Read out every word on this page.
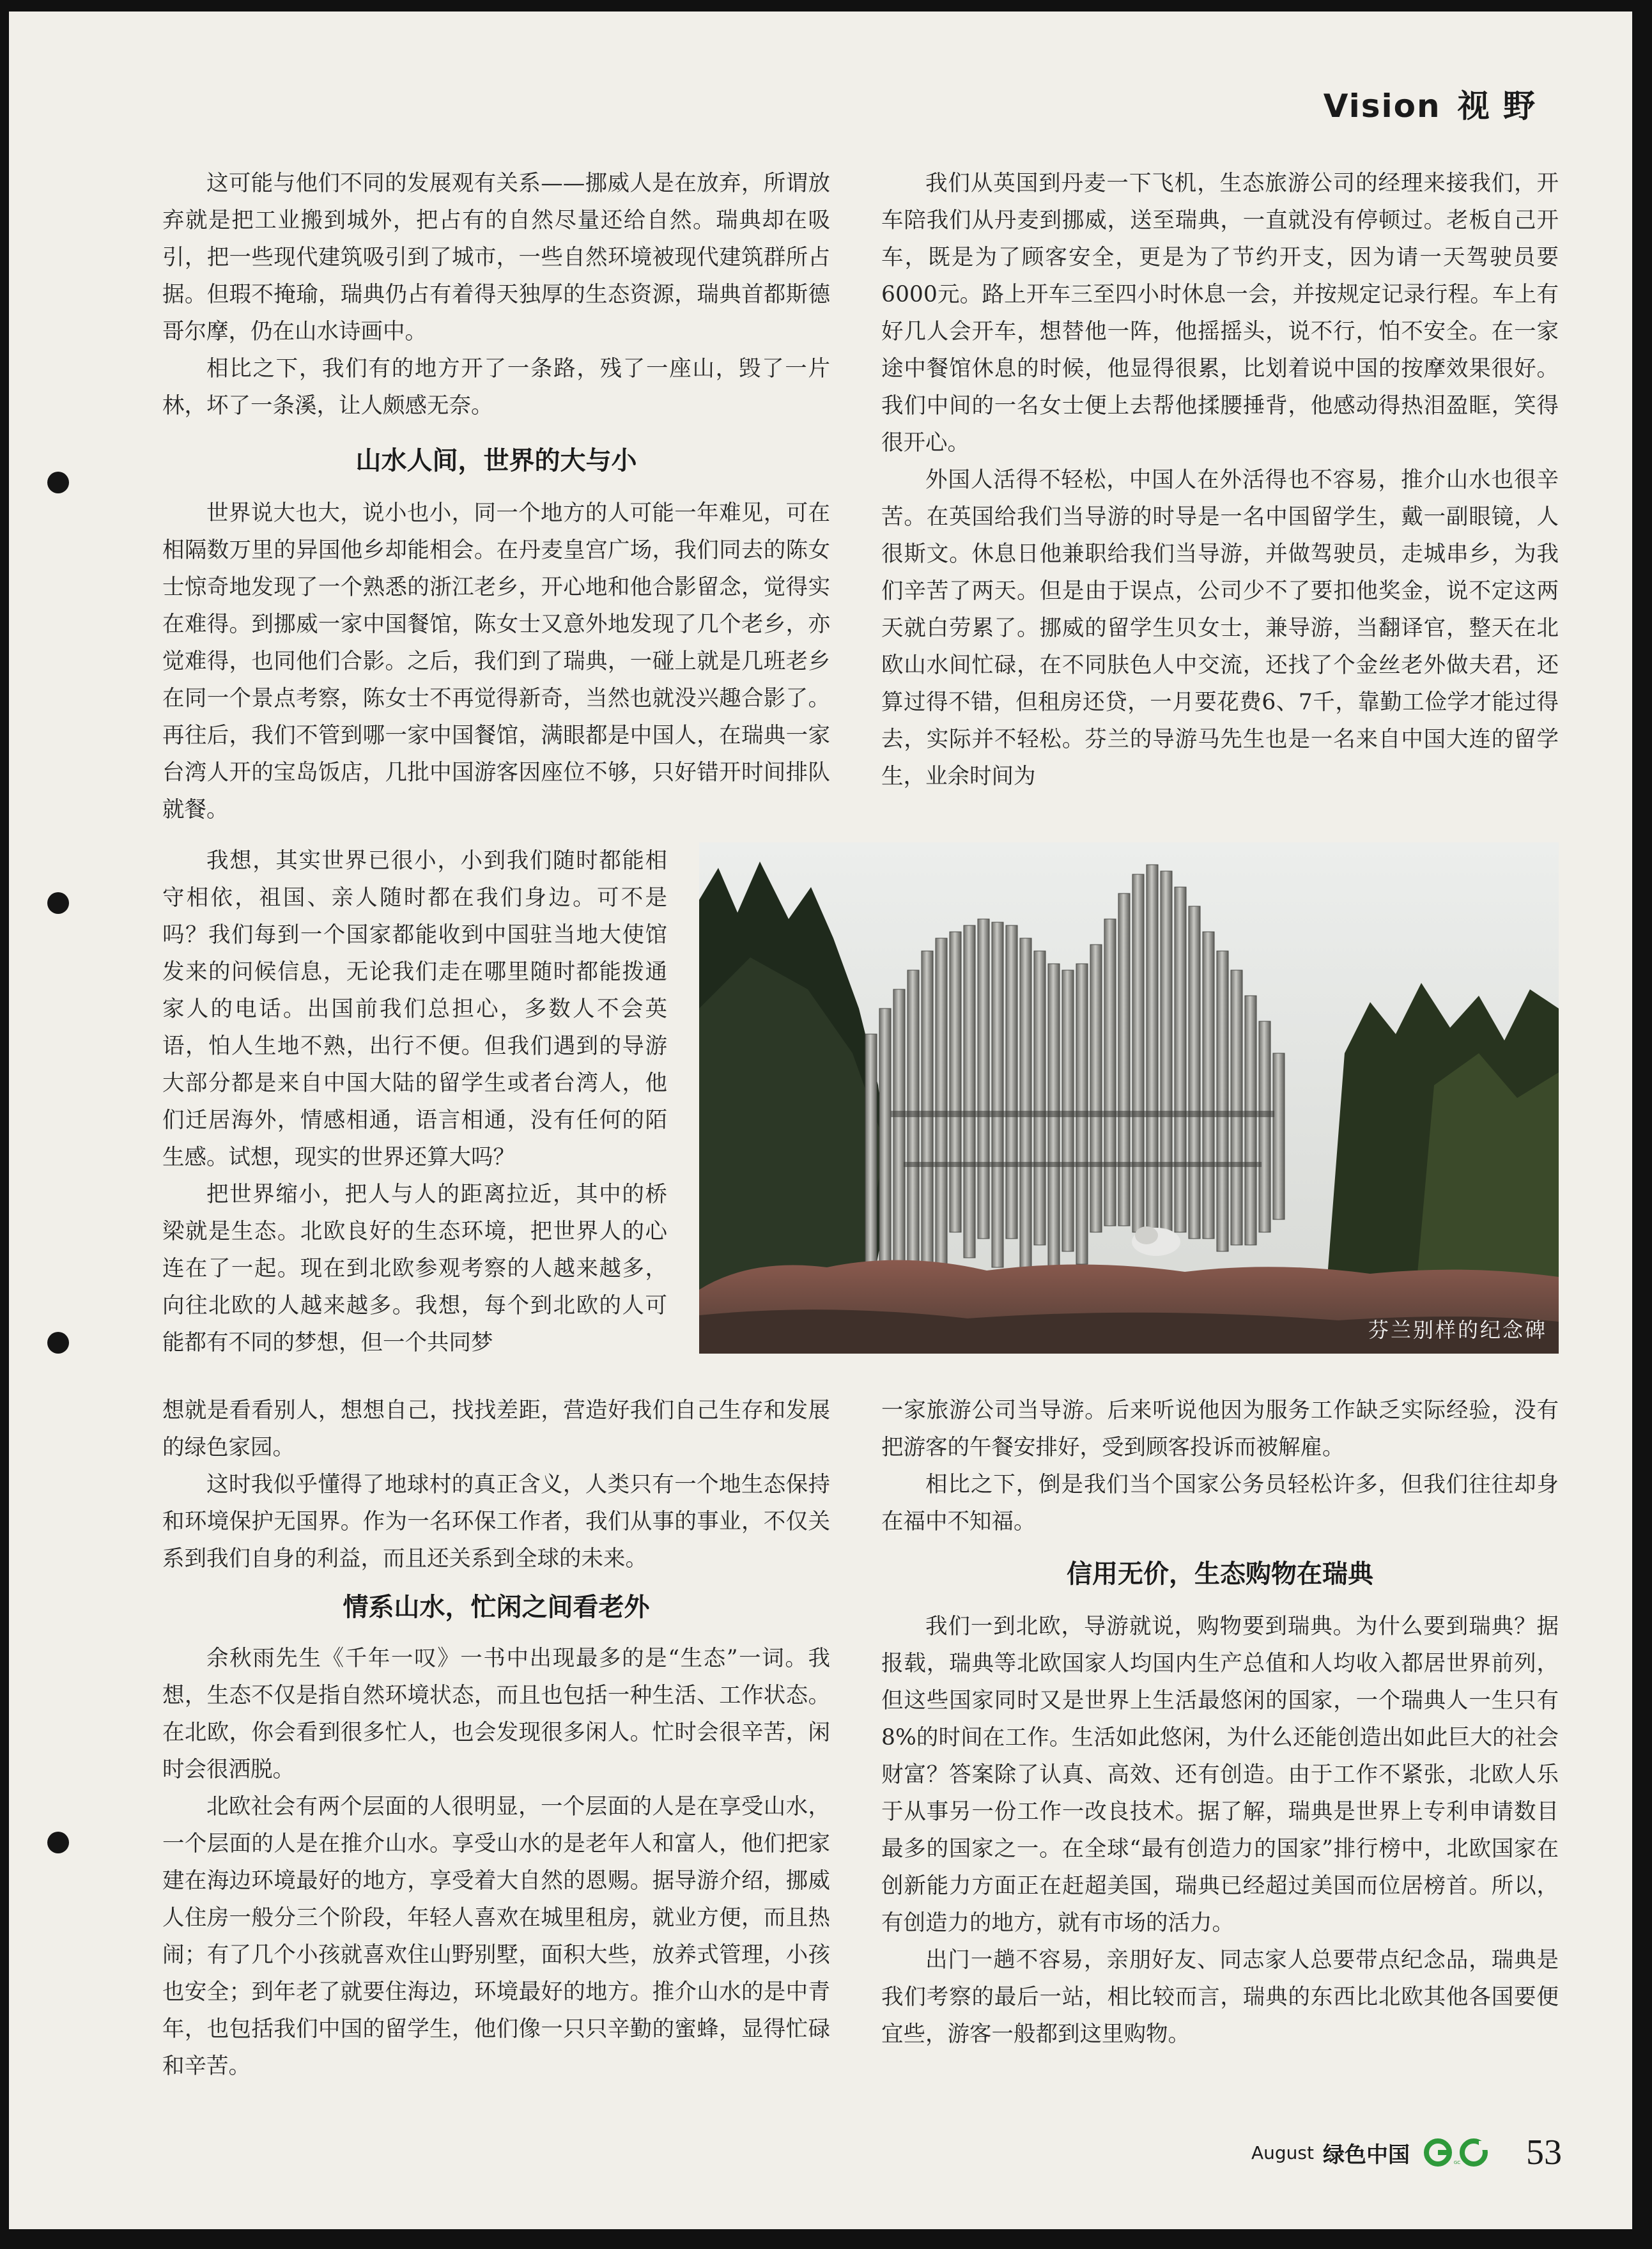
Vision 视 野

这可能与他们不同的发展观有关系——挪威人是在放弃，所谓放弃就是把工业搬到城外，把占有的自然尽量还给自然。瑞典却在吸引，把一些现代建筑吸引到了城市，一些自然环境被现代建筑群所占据。但瑕不掩瑜，瑞典仍占有着得天独厚的生态资源，瑞典首都斯德哥尔摩，仍在山水诗画中。

相比之下，我们有的地方开了一条路，残了一座山，毁了一片林，坏了一条溪，让人颇感无奈。

山水人间，世界的大与小

世界说大也大，说小也小，同一个地方的人可能一年难见，可在相隔数万里的异国他乡却能相会。在丹麦皇宫广场，我们同去的陈女士惊奇地发现了一个熟悉的浙江老乡，开心地和他合影留念，觉得实在难得。到挪威一家中国餐馆，陈女士又意外地发现了几个老乡，亦觉难得，也同他们合影。之后，我们到了瑞典，一碰上就是几班老乡在同一个景点考察，陈女士不再觉得新奇，当然也就没兴趣合影了。再往后，我们不管到哪一家中国餐馆，满眼都是中国人，在瑞典一家台湾人开的宝岛饭店，几批中国游客因座位不够，只好错开时间排队就餐。

我想，其实世界已很小，小到我们随时都能相守相依，祖国、亲人随时都在我们身边。可不是吗？我们每到一个国家都能收到中国驻当地大使馆发来的问候信息，无论我们走在哪里随时都能拨通家人的电话。出国前我们总担心，多数人不会英语，怕人生地不熟，出行不便。但我们遇到的导游大部分都是来自中国大陆的留学生或者台湾人，他们迁居海外，情感相通，语言相通，没有任何的陌生感。试想，现实的世界还算大吗？

把世界缩小，把人与人的距离拉近，其中的桥梁就是生态。北欧良好的生态环境，把世界人的心连在了一起。现在到北欧参观考察的人越来越多，向往北欧的人越来越多。我想，每个到北欧的人可能都有不同的梦想，但一个共同梦

想就是看看别人，想想自己，找找差距，营造好我们自己生存和发展的绿色家园。

这时我似乎懂得了地球村的真正含义，人类只有一个地生态保持和环境保护无国界。作为一名环保工作者，我们从事的事业，不仅关系到我们自身的利益，而且还关系到全球的未来。

情系山水，忙闲之间看老外

余秋雨先生《千年一叹》一书中出现最多的是“生态”一词。我想，生态不仅是指自然环境状态，而且也包括一种生活、工作状态。在北欧，你会看到很多忙人，也会发现很多闲人。忙时会很辛苦，闲时会很洒脱。

北欧社会有两个层面的人很明显，一个层面的人是在享受山水，一个层面的人是在推介山水。享受山水的是老年人和富人，他们把家建在海边环境最好的地方，享受着大自然的恩赐。据导游介绍，挪威人住房一般分三个阶段，年轻人喜欢在城里租房，就业方便，而且热闹；有了几个小孩就喜欢住山野别墅，面积大些，放养式管理，小孩也安全；到年老了就要住海边，环境最好的地方。推介山水的是中青年，也包括我们中国的留学生，他们像一只只辛勤的蜜蜂，显得忙碌和辛苦。

我们从英国到丹麦一下飞机，生态旅游公司的经理来接我们，开车陪我们从丹麦到挪威，送至瑞典，一直就没有停顿过。老板自己开车，既是为了顾客安全，更是为了节约开支，因为请一天驾驶员要6000元。路上开车三至四小时休息一会，并按规定记录行程。车上有好几人会开车，想替他一阵，他摇摇头，说不行，怕不安全。在一家途中餐馆休息的时候，他显得很累，比划着说中国的按摩效果很好。我们中间的一名女士便上去帮他揉腰捶背，他感动得热泪盈眶，笑得很开心。

外国人活得不轻松，中国人在外活得也不容易，推介山水也很辛苦。在英国给我们当导游的时导是一名中国留学生，戴一副眼镜，人很斯文。休息日他兼职给我们当导游，并做驾驶员，走城串乡，为我们辛苦了两天。但是由于误点，公司少不了要扣他奖金，说不定这两天就白劳累了。挪威的留学生贝女士，兼导游，当翻译官，整天在北欧山水间忙碌，在不同肤色人中交流，还找了个金丝老外做夫君，还算过得不错，但租房还贷，一月要花费6、7千，靠勤工俭学才能过得去，实际并不轻松。芬兰的导游马先生也是一名来自中国大连的留学生，业余时间为

芬兰别样的纪念碑

一家旅游公司当导游。后来听说他因为服务工作缺乏实际经验，没有把游客的午餐安排好，受到顾客投诉而被解雇。

相比之下，倒是我们当个国家公务员轻松许多，但我们往往却身在福中不知福。

信用无价，生态购物在瑞典

我们一到北欧，导游就说，购物要到瑞典。为什么要到瑞典？据报载，瑞典等北欧国家人均国内生产总值和人均收入都居世界前列，但这些国家同时又是世界上生活最悠闲的国家，一个瑞典人一生只有8%的时间在工作。生活如此悠闲，为什么还能创造出如此巨大的社会财富？答案除了认真、高效、还有创造。由于工作不紧张，北欧人乐于从事另一份工作一改良技术。据了解，瑞典是世界上专利申请数目最多的国家之一。在全球“最有创造力的国家”排行榜中，北欧国家在创新能力方面正在赶超美国，瑞典已经超过美国而位居榜首。所以，有创造力的地方，就有市场的活力。

出门一趟不容易，亲朋好友、同志家人总要带点纪念品，瑞典是我们考察的最后一站，相比较而言，瑞典的东西比北欧其他各国要便宜些，游客一般都到这里购物。

August 绿色中国	GC 53
